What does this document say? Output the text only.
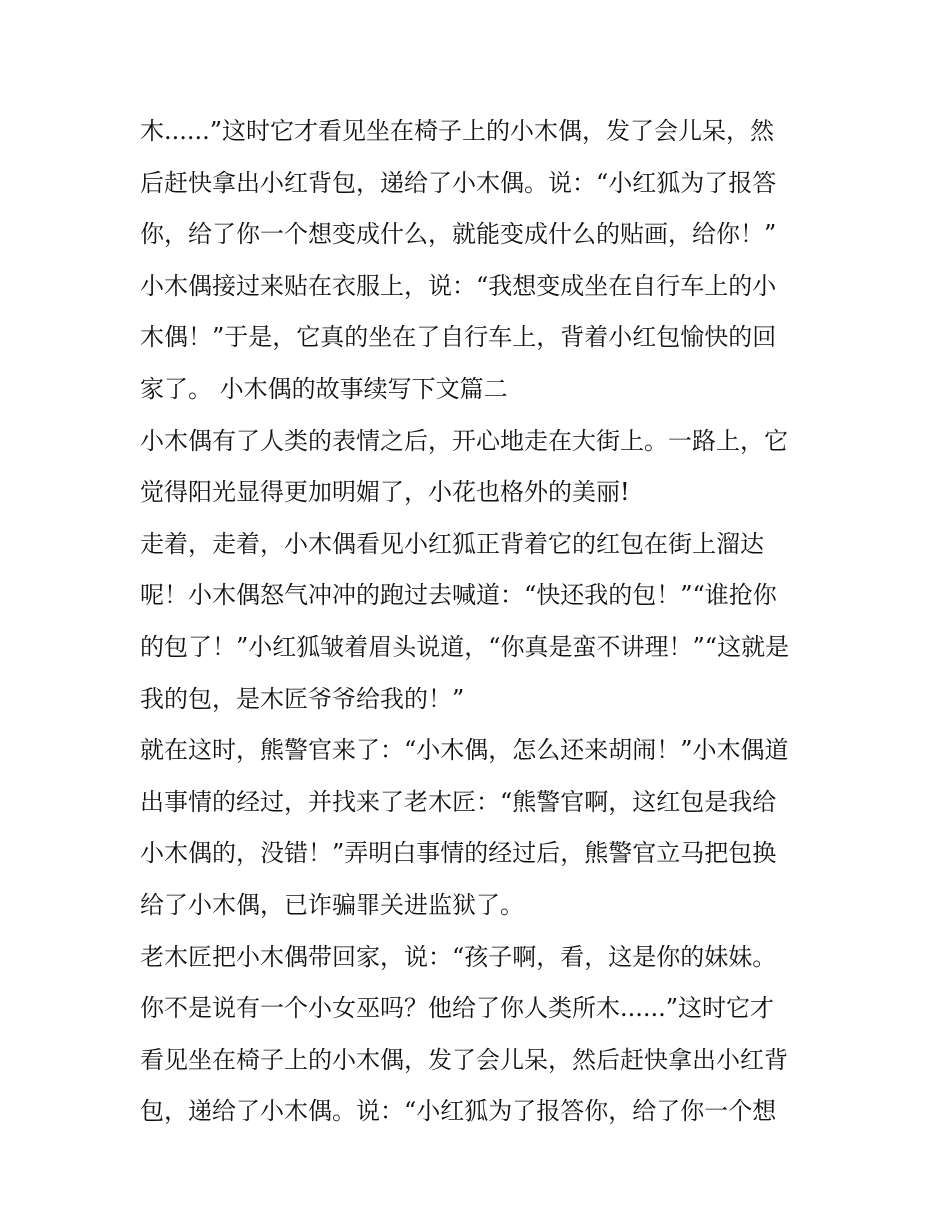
木......”这时它才看见坐在椅子上的小木偶，发了会儿呆，然
后赶快拿出小红背包，递给了小木偶。说：“小红狐为了报答
你，给了你一个想变成什么，就能变成什么的贴画，给你！”
小木偶接过来贴在衣服上，说：“我想变成坐在自行车上的小
木偶！”于是，它真的坐在了自行车上，背着小红包愉快的回
家了。 小木偶的故事续写下文篇二
小木偶有了人类的表情之后，开心地走在大街上。一路上，它
觉得阳光显得更加明媚了，小花也格外的美丽!
走着，走着，小木偶看见小红狐正背着它的红包在街上溜达
呢！小木偶怒气冲冲的跑过去喊道：“快还我的包！”“谁抢你
的包了！”小红狐皱着眉头说道，“你真是蛮不讲理！”“这就是
我的包，是木匠爷爷给我的！”
就在这时，熊警官来了：“小木偶，怎么还来胡闹！”小木偶道
出事情的经过，并找来了老木匠：“熊警官啊，这红包是我给
小木偶的，没错！”弄明白事情的经过后，熊警官立马把包换
给了小木偶，已诈骗罪关进监狱了。
老木匠把小木偶带回家，说：“孩子啊，看，这是你的妹妹。
你不是说有一个小女巫吗？他给了你人类所木......”这时它才
看见坐在椅子上的小木偶，发了会儿呆，然后赶快拿出小红背
包，递给了小木偶。说：“小红狐为了报答你，给了你一个想
